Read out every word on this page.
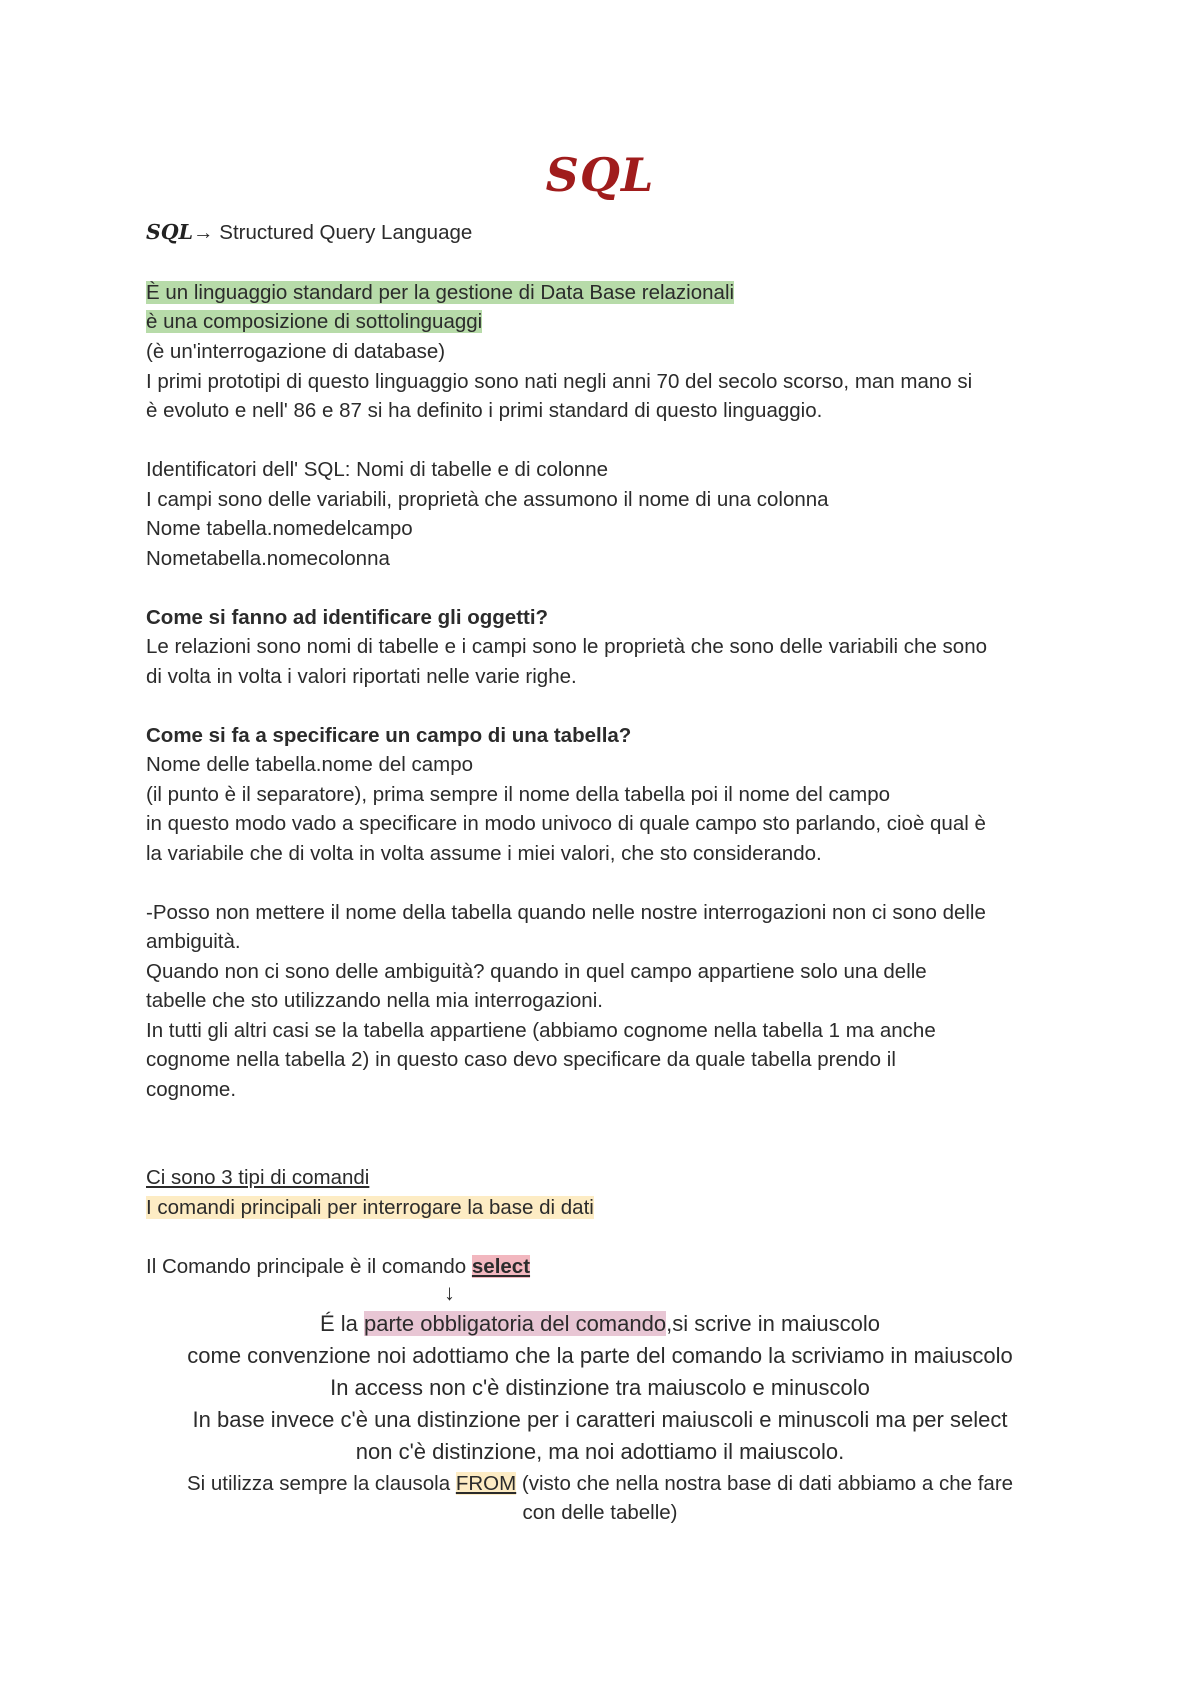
SQL
SQL→ Structured Query Language
È un linguaggio standard per la gestione di Data Base relazionali
è una composizione di sottolinguaggi
(è un'interrogazione di database)
I primi prototipi di questo linguaggio sono nati negli anni 70 del secolo scorso, man mano si
è evoluto e nell' 86 e 87 si ha definito i primi standard di questo linguaggio.
Identificatori dell' SQL: Nomi di tabelle e di colonne
I campi sono delle variabili, proprietà che assumono il nome di una colonna
Nome tabella.nomedelcampo
Nometabella.nomecolonna
Come si fanno ad identificare gli oggetti?
Le relazioni sono nomi di tabelle e i campi sono le proprietà che sono delle variabili che sono
di volta in volta i valori riportati nelle varie righe.
Come si fa a specificare un campo di una tabella?
Nome delle tabella.nome del campo
(il punto è il separatore), prima sempre il nome della tabella poi il nome del campo
in questo modo vado a specificare in modo univoco di quale campo sto parlando, cioè qual è
la variabile che di volta in volta assume i miei valori, che sto considerando.
-Posso non mettere il nome della tabella quando nelle nostre interrogazioni non ci sono delle
ambiguità.
Quando non ci sono delle ambiguità? quando in quel campo appartiene solo una delle
tabelle che sto utilizzando nella mia interrogazioni.
In tutti gli altri casi se la tabella appartiene (abbiamo cognome nella tabella 1 ma anche
cognome nella tabella 2) in questo caso devo specificare da quale tabella prendo il
cognome.
Ci sono 3 tipi di comandi
I comandi principali per interrogare la base di dati
Il Comando principale è il comando select
↓
É la parte obbligatoria del comando,si scrive in maiuscolo
come convenzione noi adottiamo che la parte del comando la scriviamo in maiuscolo
In access non c'è distinzione tra maiuscolo e minuscolo
In base invece c'è una distinzione per i caratteri maiuscoli e minuscoli ma per select
non c'è distinzione, ma noi adottiamo il maiuscolo.
Si utilizza sempre la clausola FROM (visto che nella nostra base di dati abbiamo a che fare
con delle tabelle)
